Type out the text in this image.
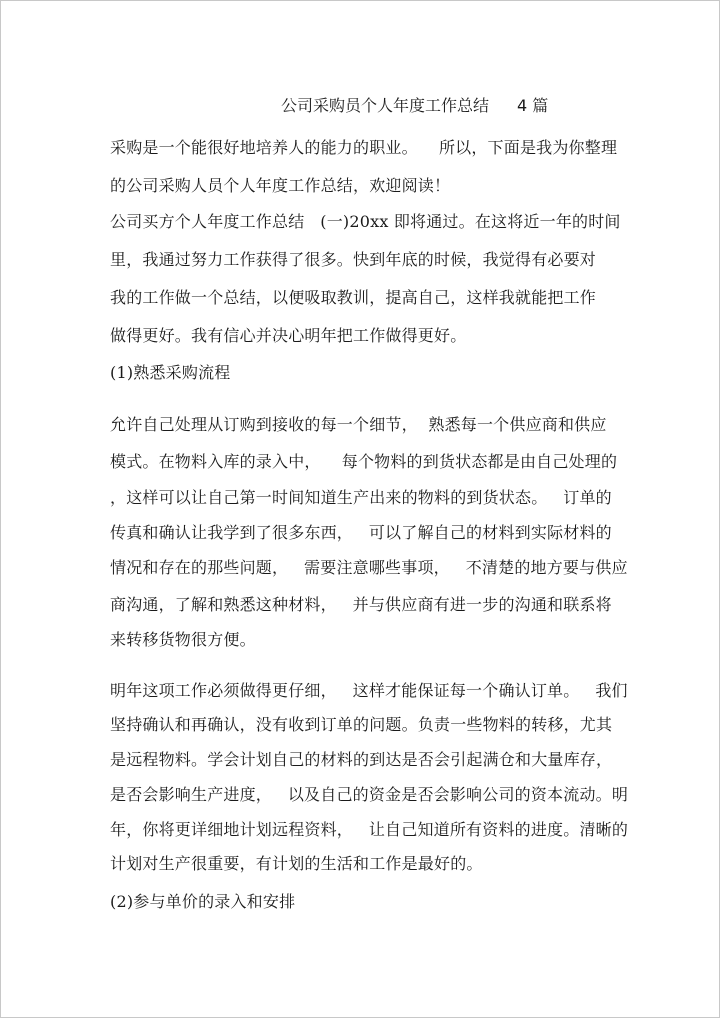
公司采购员个人年度工作总结 4 篇
采购是一个能很好地培养人的能力的职业。    所以，下面是我为你整理
的公司采购人员个人年度工作总结，欢迎阅读！
公司买方个人年度工作总结   (一)20xx 即将通过。在这将近一年的时间
里，我通过努力工作获得了很多。快到年底的时候，我觉得有必要对
我的工作做一个总结，以便吸取教训，提高自己，这样我就能把工作
做得更好。我有信心并决心明年把工作做得更好。
(1)熟悉采购流程
允许自己处理从订购到接收的每一个细节，  熟悉每一个供应商和供应
模式。在物料入库的录入中，    每个物料的到货状态都是由自己处理的
，这样可以让自己第一时间知道生产出来的物料的到货状态。   订单的
传真和确认让我学到了很多东西，   可以了解自己的材料到实际材料的
情况和存在的那些问题，   需要注意哪些事项，   不清楚的地方要与供应
商沟通，了解和熟悉这种材料，   并与供应商有进一步的沟通和联系将
来转移货物很方便。
明年这项工作必须做得更仔细，   这样才能保证每一个确认订单。   我们
坚持确认和再确认，没有收到订单的问题。负责一些物料的转移，尤其
是远程物料。学会计划自己的材料的到达是否会引起满仓和大量库存，
是否会影响生产进度，   以及自己的资金是否会影响公司的资本流动。明
年，你将更详细地计划远程资料，   让自己知道所有资料的进度。清晰的
计划对生产很重要，有计划的生活和工作是最好的。
(2)参与单价的录入和安排
